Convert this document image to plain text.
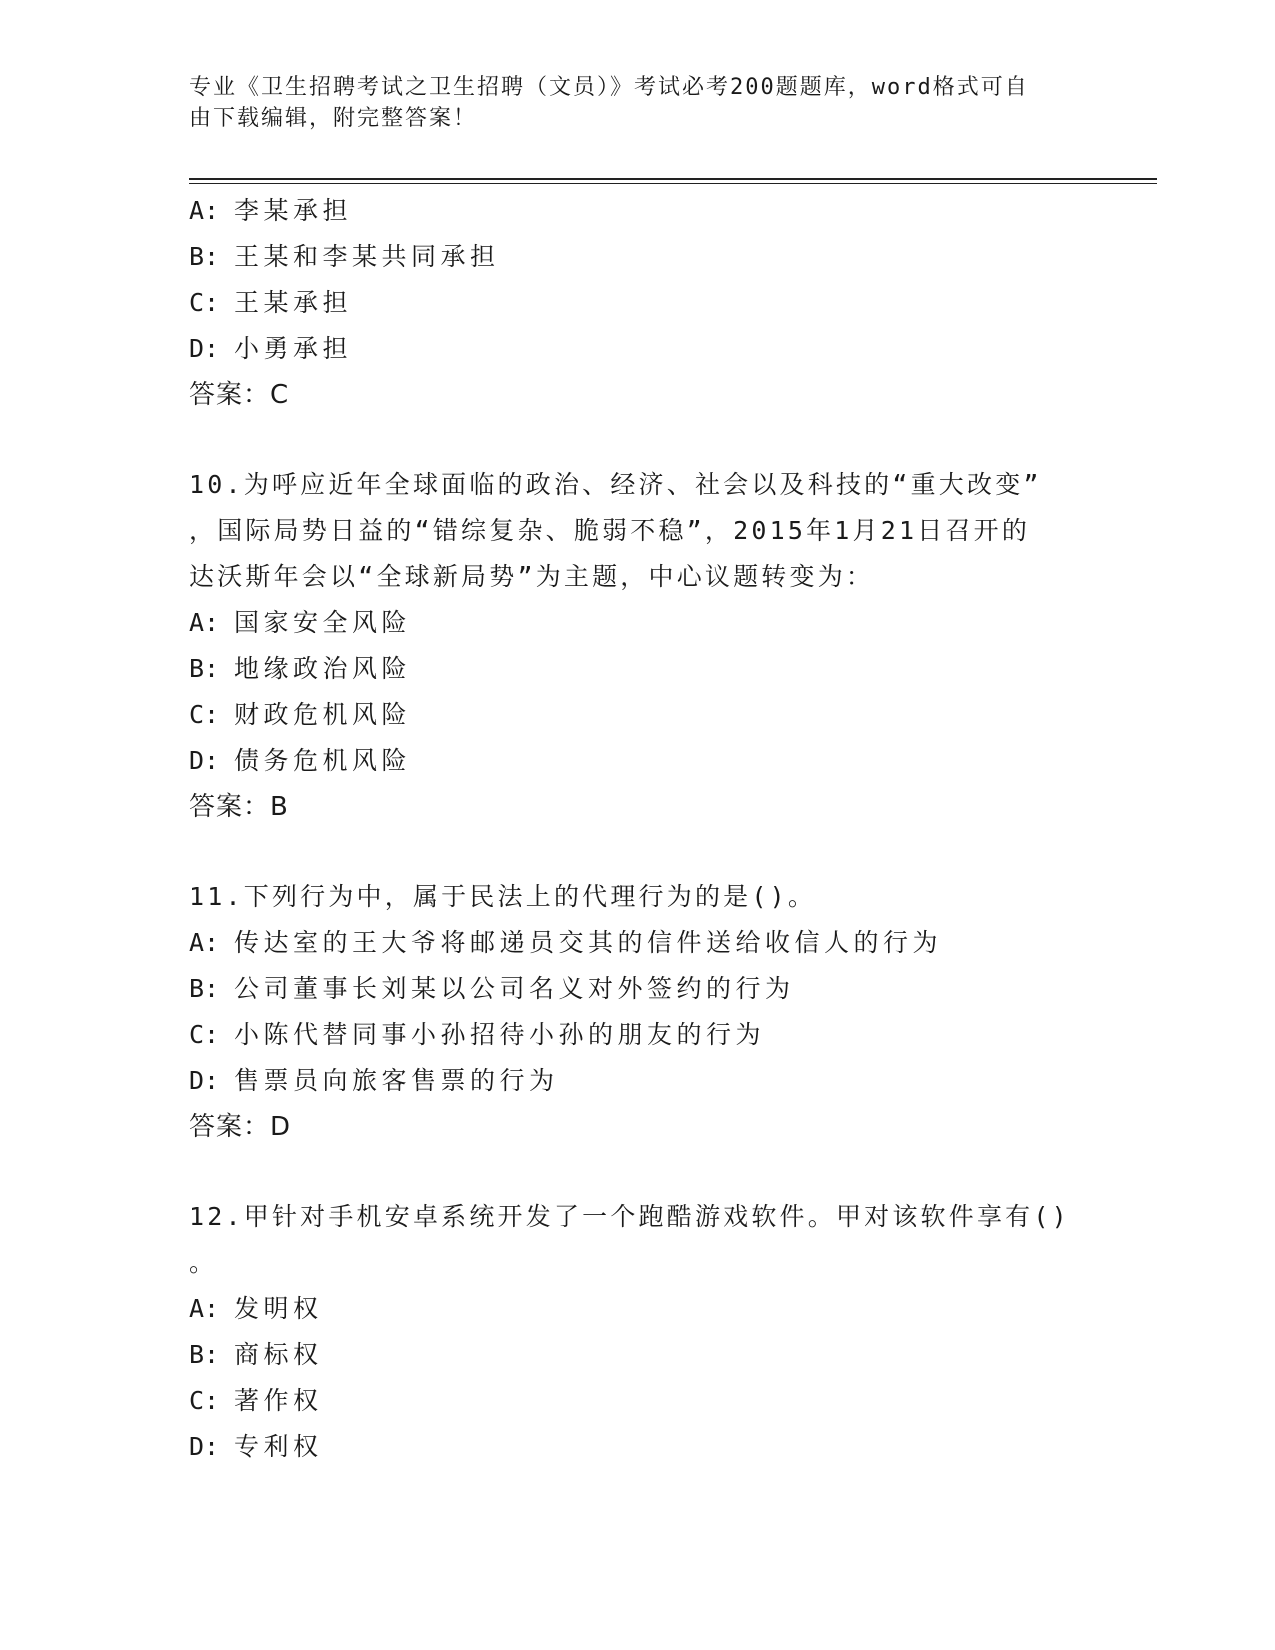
专业《卫生招聘考试之卫生招聘（文员）》考试必考200题题库，word格式可自
由下载编辑，附完整答案！
A: 李某承担
B: 王某和李某共同承担
C: 王某承担
D: 小勇承担
答案：C
10.为呼应近年全球面临的政治、经济、社会以及科技的“重大改变”
，国际局势日益的“错综复杂、脆弱不稳”，2015年1月21日召开的
达沃斯年会以“全球新局势”为主题，中心议题转变为：
A: 国家安全风险
B: 地缘政治风险
C: 财政危机风险
D: 债务危机风险
答案：B
11.下列行为中，属于民法上的代理行为的是()。
A: 传达室的王大爷将邮递员交其的信件送给收信人的行为
B: 公司董事长刘某以公司名义对外签约的行为
C: 小陈代替同事小孙招待小孙的朋友的行为
D: 售票员向旅客售票的行为
答案：D
12.甲针对手机安卓系统开发了一个跑酷游戏软件。甲对该软件享有()
。
A: 发明权
B: 商标权
C: 著作权
D: 专利权
